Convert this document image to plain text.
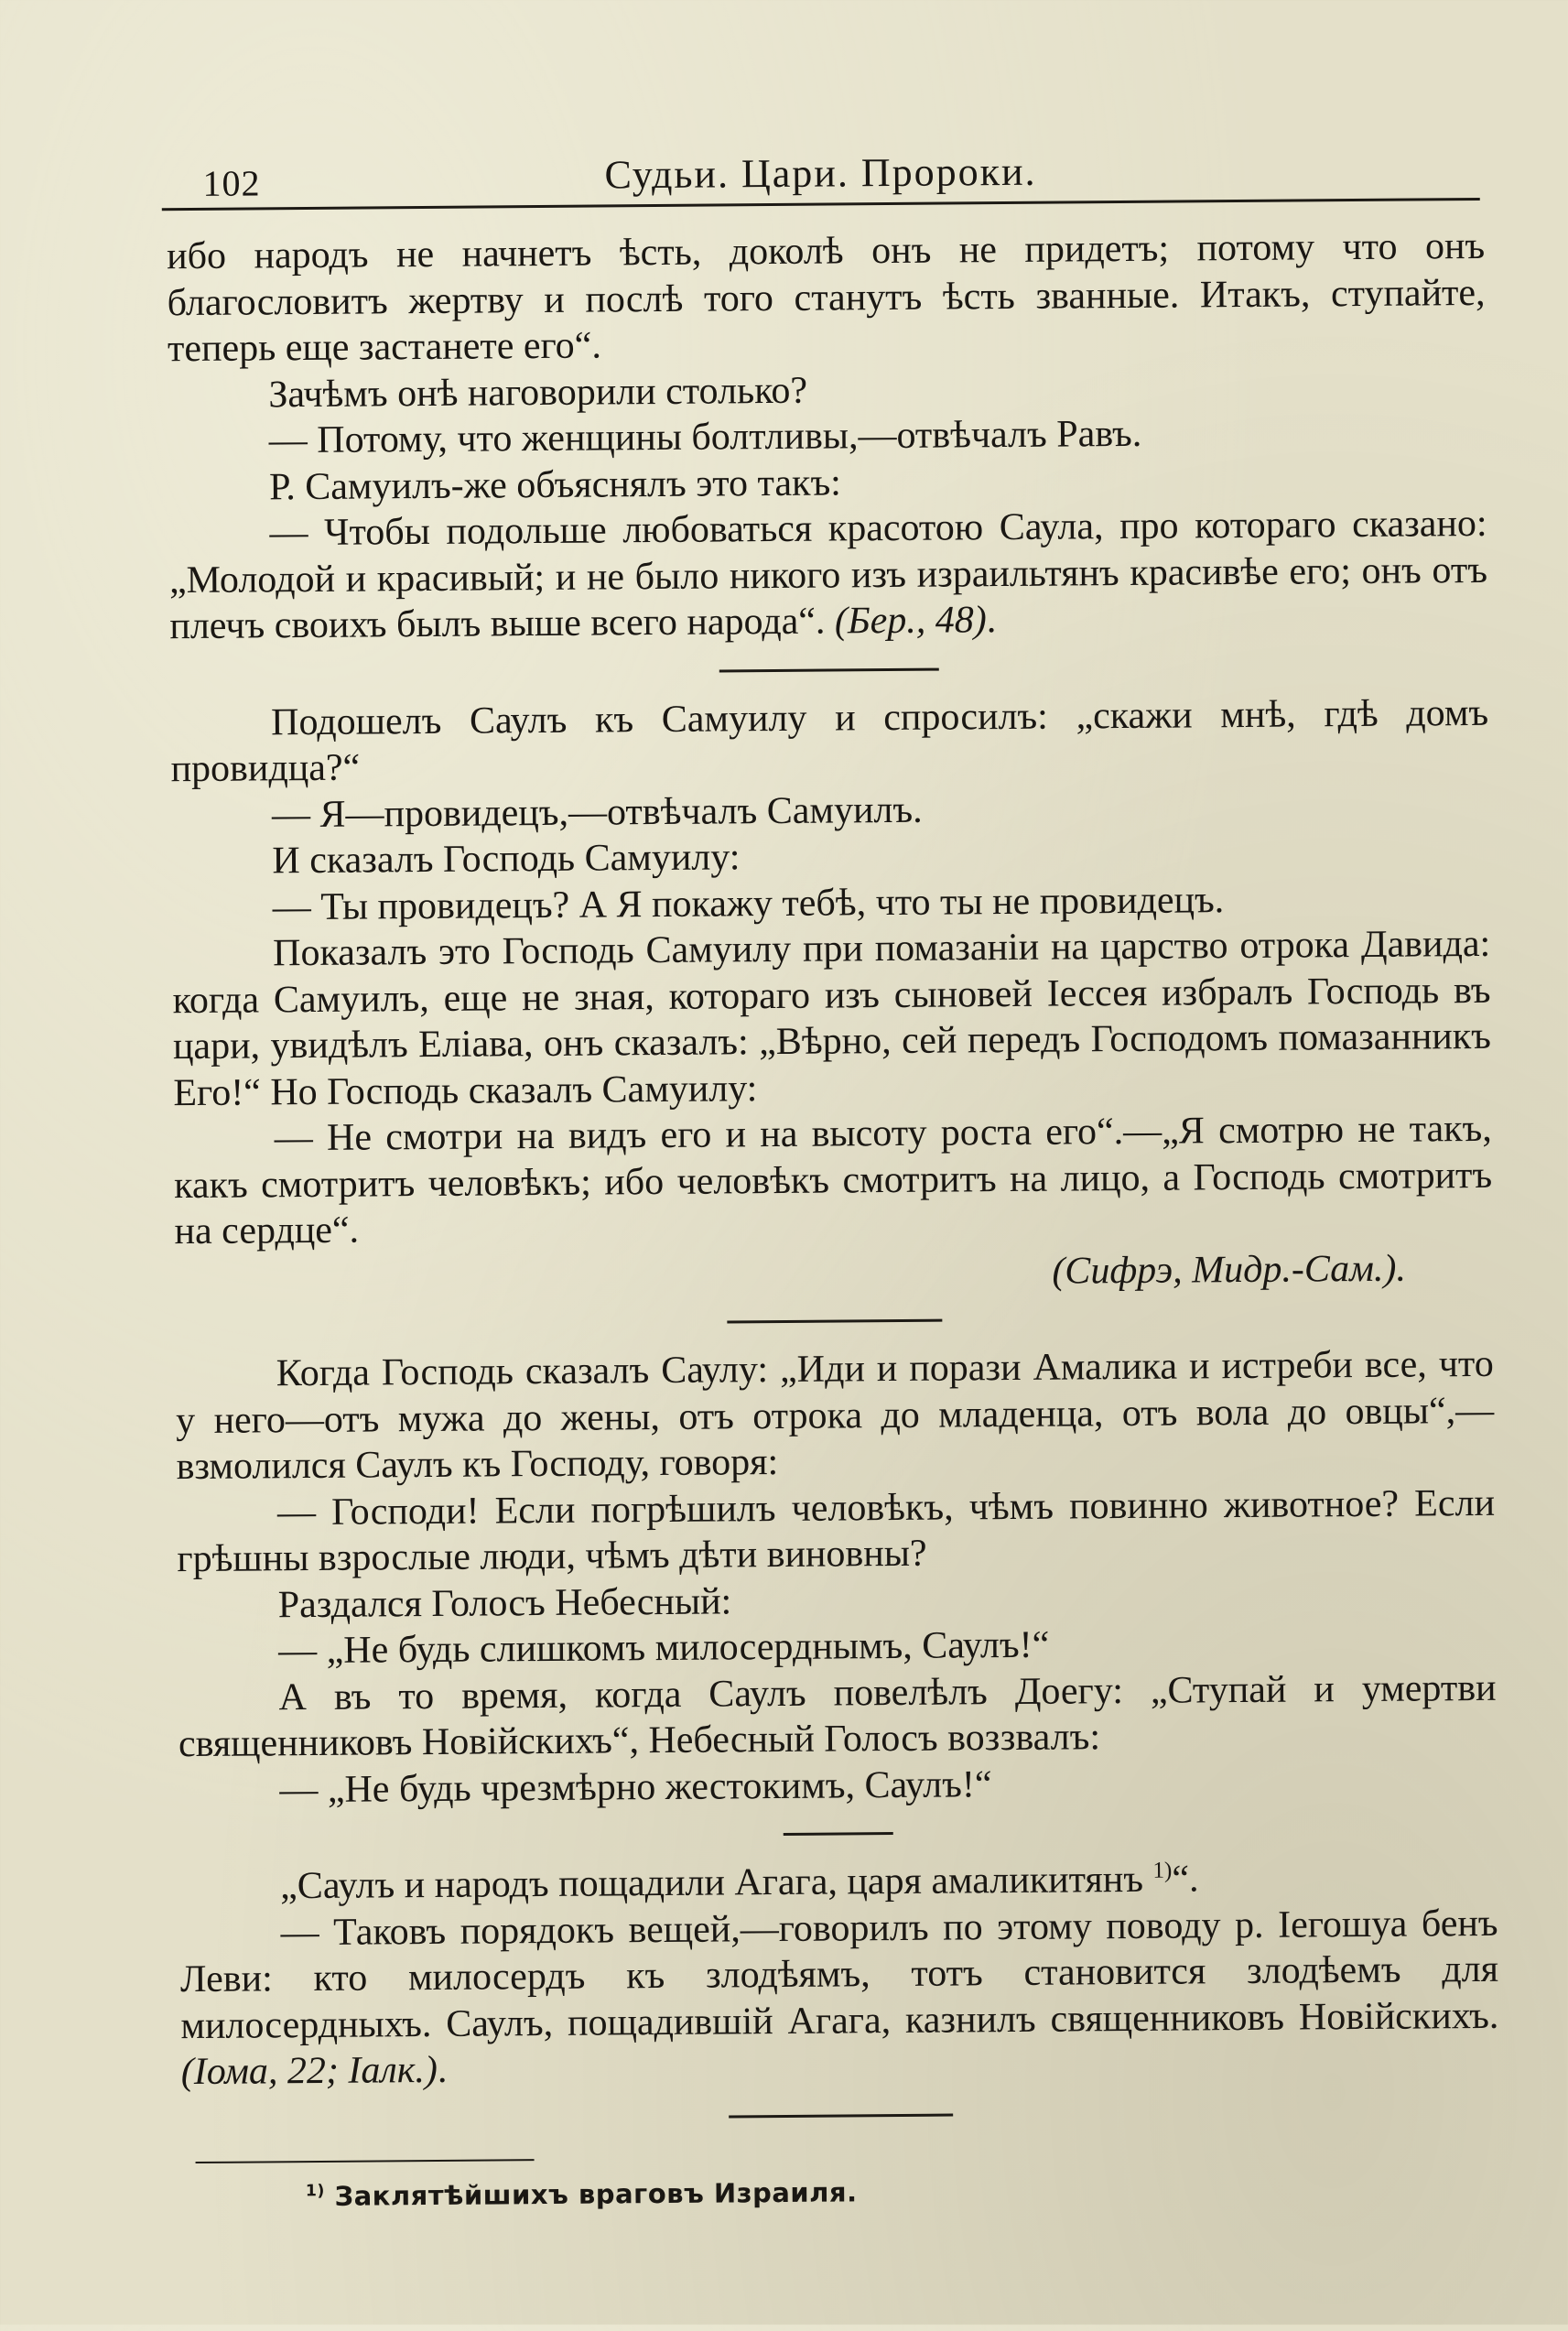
102	Судьи. Цари. Пророки.

ибо народъ не начнетъ ѣсть, доколѣ онъ не придетъ; потому что онъ благословитъ жертву и послѣ того станутъ ѣсть званные. Итакъ, ступайте, теперь еще застанете его“.

Зачѣмъ онѣ наговорили столько?

— Потому, что женщины болтливы,—отвѣчалъ Равъ.

Р. Самуилъ-же объяснялъ это такъ:

— Чтобы подольше любоваться красотою Саула, про котораго сказано: „Молодой и красивый; и не было никого изъ израильтянъ красивѣе его; онъ отъ плечъ своихъ былъ выше всего народа“. (Бер., 48).

Подошелъ Саулъ къ Самуилу и спросилъ: „скажи мнѣ, гдѣ домъ провидца?“

— Я—провидецъ,—отвѣчалъ Самуилъ.

И сказалъ Господь Самуилу:

— Ты провидецъ? А Я покажу тебѣ, что ты не провидецъ.

Показалъ это Господь Самуилу при помазаніи на царство отрока Давида: когда Самуилъ, еще не зная, котораго изъ сыновей Іессея избралъ Господь въ цари, увидѣлъ Еліава, онъ сказалъ: „Вѣрно, сей передъ Господомъ помазанникъ Его!“ Но Господь сказалъ Самуилу:

— Не смотри на видъ его и на высоту роста его“.—„Я смотрю не такъ, какъ смотритъ человѣкъ; ибо человѣкъ смотритъ на лицо, а Господь смотритъ на сердце“.

(Сифрэ, Мидр.-Сам.).

Когда Господь сказалъ Саулу: „Иди и порази Амалика и истреби все, что у него—отъ мужа до жены, отъ отрока до младенца, отъ вола до овцы“,—взмолился Саулъ къ Господу, говоря:

— Господи! Если погрѣшилъ человѣкъ, чѣмъ повинно животное? Если грѣшны взрослые люди, чѣмъ дѣти виновны?

Раздался Голосъ Небесный:

— „Не будь слишкомъ милосерднымъ, Саулъ!“

А въ то время, когда Саулъ повелѣлъ Доегу: „Ступай и умертви священниковъ Новійскихъ“, Небесный Голосъ воззвалъ:

— „Не будь чрезмѣрно жестокимъ, Саулъ!“

„Саулъ и народъ пощадили Агага, царя амаликитянъ $^{1)}$“.

— Таковъ порядокъ вещей,—говорилъ по этому поводу р. Іегошуа бенъ Леви: кто милосердъ къ злодѣямъ, тотъ становится злодѣемъ для милосердныхъ. Саулъ, пощадившій Агага, казнилъ священниковъ Новійскихъ. (Іома, 22; Іалк.).

$^{1)}$ Заклятѣйшихъ враговъ Израиля.
